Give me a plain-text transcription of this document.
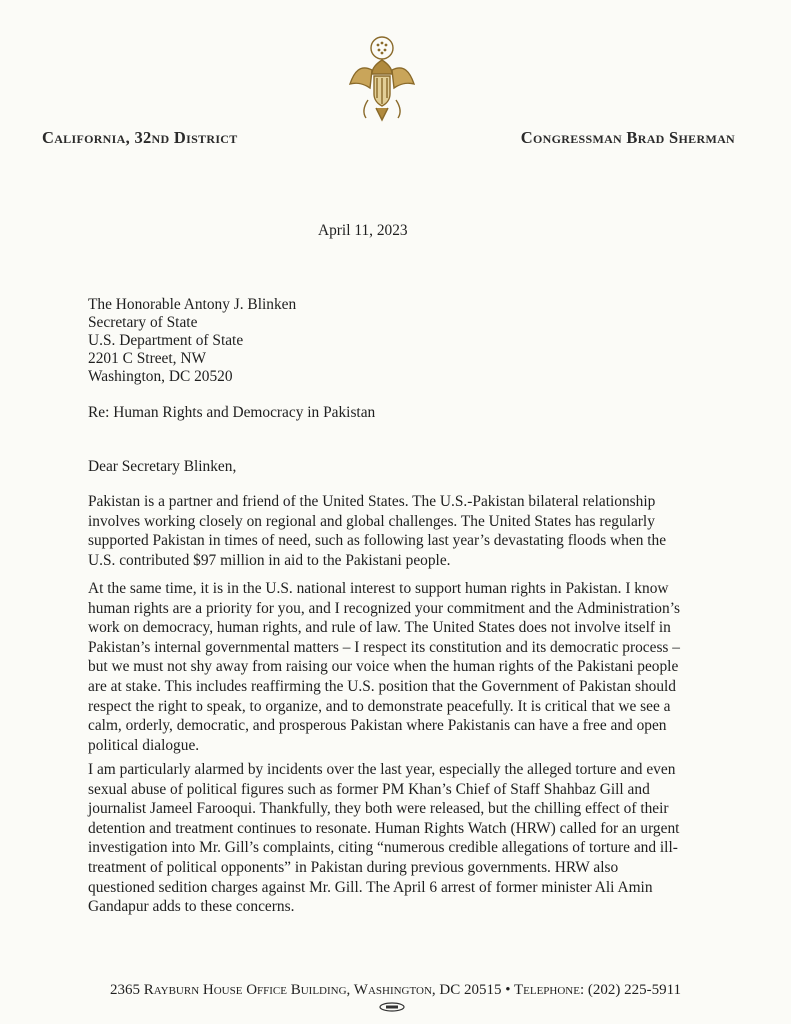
California, 32nd District	Congressman Brad Sherman
April 11, 2023
The Honorable Antony J. Blinken
Secretary of State
U.S. Department of State
2201 C Street, NW
Washington, DC 20520
Re: Human Rights and Democracy in Pakistan
Dear Secretary Blinken,
Pakistan is a partner and friend of the United States. The U.S.-Pakistan bilateral relationship
involves working closely on regional and global challenges. The United States has regularly
supported Pakistan in times of need, such as following last year’s devastating floods when the
U.S. contributed $97 million in aid to the Pakistani people.
At the same time, it is in the U.S. national interest to support human rights in Pakistan. I know
human rights are a priority for you, and I recognized your commitment and the Administration’s
work on democracy, human rights, and rule of law. The United States does not involve itself in
Pakistan’s internal governmental matters – I respect its constitution and its democratic process –
but we must not shy away from raising our voice when the human rights of the Pakistani people
are at stake. This includes reaffirming the U.S. position that the Government of Pakistan should
respect the right to speak, to organize, and to demonstrate peacefully. It is critical that we see a
calm, orderly, democratic, and prosperous Pakistan where Pakistanis can have a free and open
political dialogue.
I am particularly alarmed by incidents over the last year, especially the alleged torture and even
sexual abuse of political figures such as former PM Khan’s Chief of Staff Shahbaz Gill and
journalist Jameel Farooqui. Thankfully, they both were released, but the chilling effect of their
detention and treatment continues to resonate. Human Rights Watch (HRW) called for an urgent
investigation into Mr. Gill’s complaints, citing “numerous credible allegations of torture and ill-
treatment of political opponents” in Pakistan during previous governments. HRW also
questioned sedition charges against Mr. Gill. The April 6 arrest of former minister Ali Amin
Gandapur adds to these concerns.
2365 Rayburn House Office Building, Washington, DC 20515 • Telephone: (202) 225-5911
